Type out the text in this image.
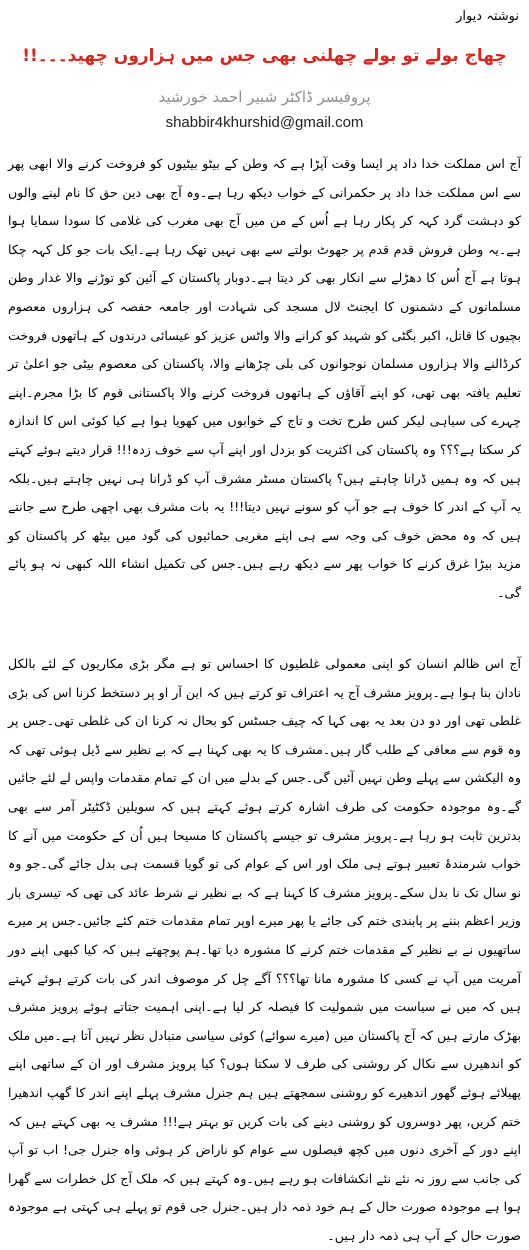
نوشتہ دیوار
چھاج بولے تو بولے چھلنی بھی جس میں ہزاروں چھید۔۔۔!!
پروفیسر ڈاکٹر شبیر احمد خورشید
shabbir4khurshid@gmail.com
آج اس مملکت خدا داد پر ایسا وقت آپڑا ہے کہ وطن کے بیٹو بیٹیوں کو فروخت کرنے والا ابھی پھر سے اس مملکت خدا داد پر حکمرانی کے خواب دیکھ رہا ہے۔وہ آج بھی دین حق کا نام لینے والوں کو دہشت گرد کہہ کر پکار رہا ہے اُس کے من میں آج بھی مغرب کی غلامی کا سودا سمایا ہوا ہے۔یہ وطن فروش قدم قدم پر جھوٹ بولتے سے بھی نہیں تھک رہا ہے۔ایک بات جو کل کہہ چکا ہوتا ہے آج اُس کا دھڑلے سے انکار بھی کر دیتا ہے۔دوبار پاکستان کے آئین کو توڑنے والا غدار وطن مسلمانوں کے دشمنوں کا ایجنٹ لال مسجد کی شہادت اور جامعہ حفصہ کی ہزاروں معصوم بچیوں کا قاتل، اکبر بگٹی کو شہید کو کرانے والا واٹس عزیز کو عیسائی درندوں کے ہاتھوں فروخت کرڈالنے والا ہزاروں مسلمان نوجوانوں کی بلی چڑھانے والا، پاکستان کی معصوم بیٹی جو اعلیٰ تر تعلیم یافتہ بھی تھی، کو اپنے آقاؤں کے ہاتھوں فروخت کرنے والا پاکستانی قوم کا بڑا مجرم۔اپنے چہرے کی سیاہی لیکر کس طرح تخت و تاج کے خوابوں میں کھویا ہوا ہے کیا کوئی اس کا اندازہ کر سکتا ہے؟؟؟ وہ پاکستان کی اکثریت کو بزدل اور اپنے آپ سے خوف زدہ!!! قرار دیتے ہوئے کہتے ہیں کہ وہ ہمیں ڈرانا چاہتے ہیں؟ پاکستان مسٹر مشرف آپ کو ڈرانا ہی نہیں چاہتے ہیں۔بلکہ یہ آپ کے اندر کا خوف ہے جو آپ کو سونے نہیں دیتا!!! یہ بات مشرف بھی اچھی طرح سے جانتے ہیں کہ وہ محض خوف کی وجہ سے ہی اپنے مغربی حمائیوں کی گود میں بیٹھ کر پاکستان کو مزید بیڑا غرق کرنے کا خواب پھر سے دیکھ رہے ہیں۔جس کی تکمیل انشاء اللہ کبھی نہ ہو پائے گی۔
آج اس ظالم انسان کو اپنی معمولی غلطیوں کا احساس تو ہے مگر بڑی مکاریوں کے لئے بالکل نادان بنا ہوا ہے۔پرویز مشرف آج یہ اعتراف تو کرتے ہیں کہ این آر او پر دستخط کرنا اس کی بڑی غلطی تھی اور دو دن بعد یہ بھی کہا کہ چیف جسٹس کو بحال نہ کرنا ان کی غلطی تھی۔جس پر وہ قوم سے معافی کے طلب گار ہیں۔مشرف کا یہ بھی کہنا ہے کہ بے نظیر سے ڈیل ہوئی تھی کہ وہ الیکشن سے پہلے وطن نہیں آئیں گی۔جس کے بدلے میں ان کے تمام مقدمات واپس لے لئے جائیں گے۔وہ موجودہ حکومت کی طرف اشارہ کرتے ہوئے کہتے ہیں کہ سویلین ڈکٹیٹر آمر سے بھی بدترین ثابت ہو رہا ہے۔پرویز مشرف تو جیسے پاکستان کا مسیحا ہیں اُن کے حکومت میں آنے کا خواب شرمندۂ تعبیر ہوتے ہی ملک اور اس کے عوام کی تو گویا قسمت ہی بدل جائے گی۔جو وہ نو سال تک نا بدل سکے۔پرویز مشرف کا کہنا ہے کہ بے نظیر نے شرط عائد کی تھی کہ تیسری بار وزیر اعظم بننے پر پابندی ختم کی جائے یا پھر میرے اوپر تمام مقدمات ختم کئے جائیں۔جس پر میرے ساتھیوں نے بے نظیر کے مقدمات ختم کرنے کا مشورہ دیا تھا۔ہم پوچھتے ہیں کہ کیا کبھی اپنے دور آمریت میں آپ نے کسی کا مشورہ مانا تھا؟؟؟ آگے چل کر موصوف اندر کی بات کرتے ہوئے کہتے ہیں کہ میں نے سیاست میں شمولیت کا فیصلہ کر لیا ہے۔اپنی اہمیت جتاتے ہوئے پرویز مشرف بھڑک مارتے ہیں کہ آج پاکستان میں (میرے سوائے) کوئی سیاسی متبادل نظر نہیں آتا ہے۔میں ملک کو اندھیرں سے نکال کر روشنی کی طرف لا سکتا ہوں؟ کیا پرویز مشرف اور ان کے ساتھی اپنے پھیلائے ہوئے گھور اندھیرے کو روشنی سمجھتے ہیں ہم جنرل مشرف پہلے اپنے اندر کا گھپ اندھیرا ختم کریں، پھر دوسروں کو روشنی دینے کی بات کریں تو بہتر ہے!!! مشرف یہ بھی کہتے ہیں کہ اپنے دور کے آخری دنوں میں کچھ فیصلوں سے عوام کو ناراض کر ہوئی واہ جنرل جی! اب تو آپ کی جانب سے روز نہ نئے نئے انکشافات ہو رہے ہیں۔وہ کہتے ہیں کہ ملک آج کل خطرات سے گھرا ہوا ہے موجودہ صورت حال کے ہم خود ذمہ دار ہیں۔جنرل جی قوم تو پہلے ہی کہتی ہے موجودہ صورت حال کے آپ ہی ذمہ دار ہیں۔
